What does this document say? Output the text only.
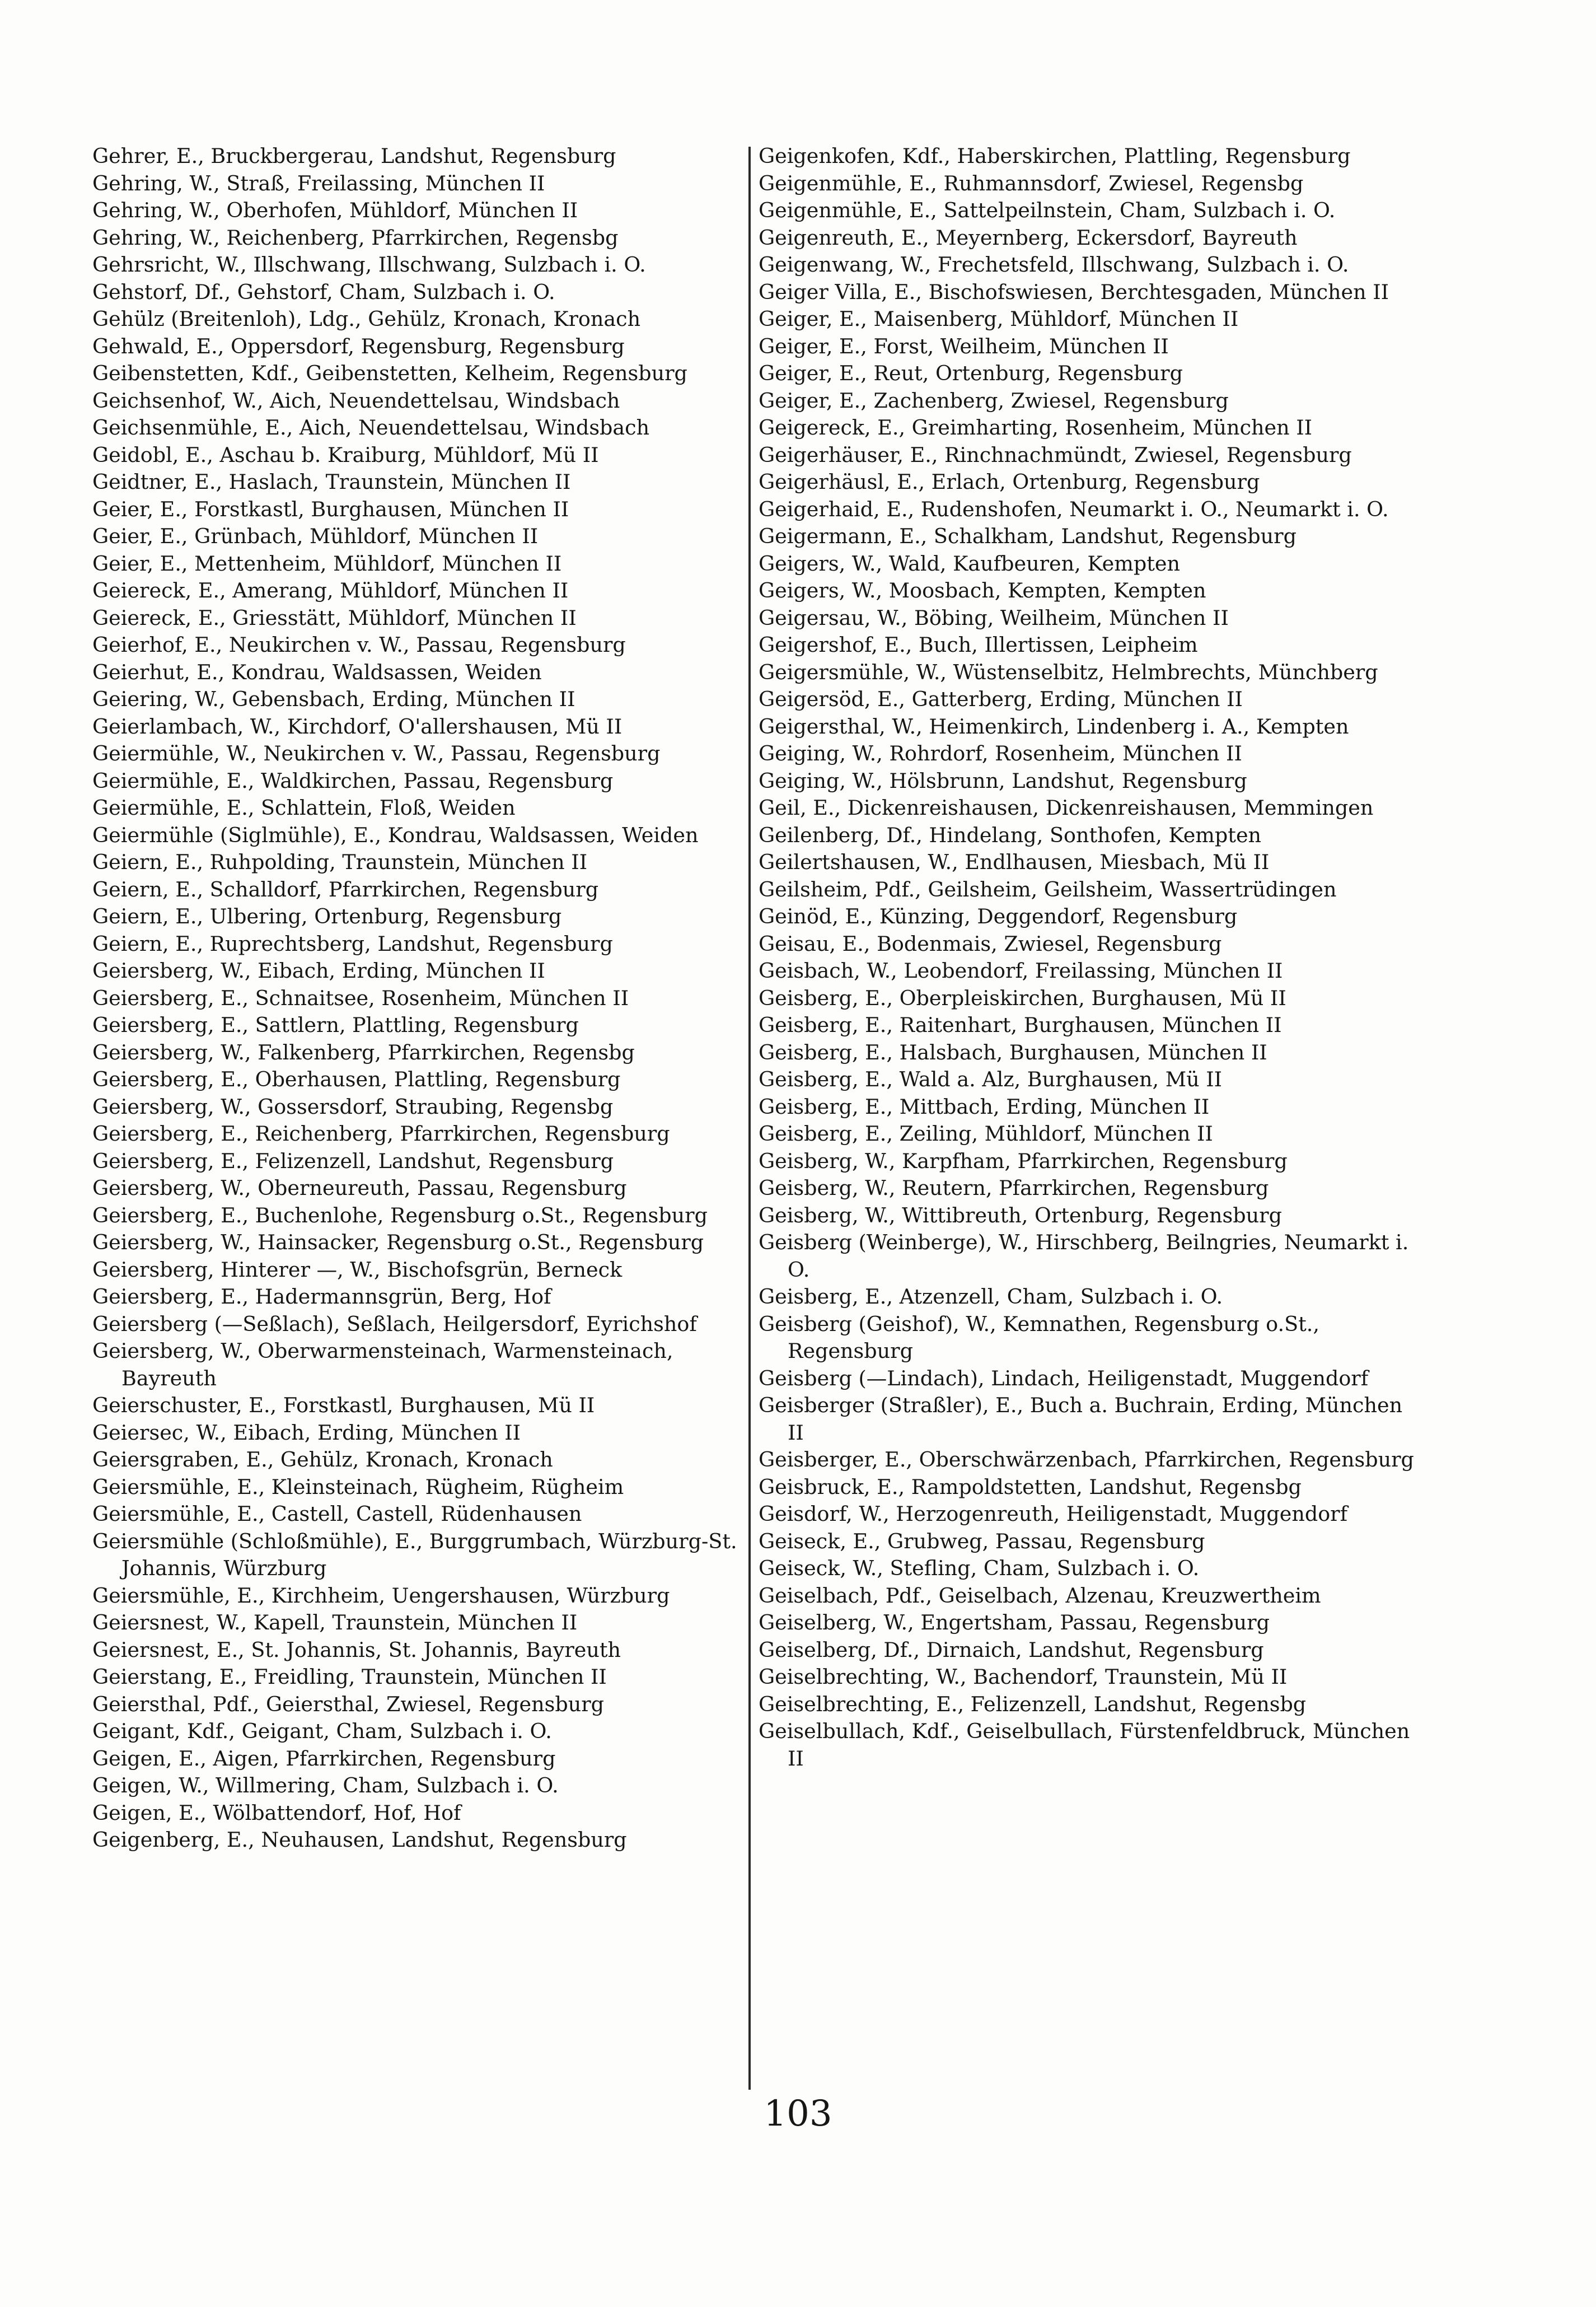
Gehrer, E., Bruckbergerau, Landshut, Regensburg

Gehring, W., Straß, Freilassing, München II

Gehring, W., Oberhofen, Mühldorf, München II

Gehring, W., Reichenberg, Pfarrkirchen, Regensbg

Gehrsricht, W., Illschwang, Illschwang, Sulzbach i. O.

Gehstorf, Df., Gehstorf, Cham, Sulzbach i. O.

Gehülz (Breitenloh), Ldg., Gehülz, Kronach, Kronach

Gehwald, E., Oppersdorf, Regensburg, Regensburg

Geibenstetten, Kdf., Geibenstetten, Kelheim, Regensburg

Geichsenhof, W., Aich, Neuendettelsau, Windsbach

Geichsenmühle, E., Aich, Neuendettelsau, Windsbach

Geidobl, E., Aschau b. Kraiburg, Mühldorf, Mü II

Geidtner, E., Haslach, Traunstein, München II

Geier, E., Forstkastl, Burghausen, München II

Geier, E., Grünbach, Mühldorf, München II

Geier, E., Mettenheim, Mühldorf, München II

Geiereck, E., Amerang, Mühldorf, München II

Geiereck, E., Griesstätt, Mühldorf, München II

Geierhof, E., Neukirchen v. W., Passau, Regensburg

Geierhut, E., Kondrau, Waldsassen, Weiden

Geiering, W., Gebensbach, Erding, München II

Geierlambach, W., Kirchdorf, O'allershausen, Mü II

Geiermühle, W., Neukirchen v. W., Passau, Regensburg

Geiermühle, E., Waldkirchen, Passau, Regensburg

Geiermühle, E., Schlattein, Floß, Weiden

Geiermühle (Siglmühle), E., Kondrau, Waldsassen, Weiden

Geiern, E., Ruhpolding, Traunstein, München II

Geiern, E., Schalldorf, Pfarrkirchen, Regensburg

Geiern, E., Ulbering, Ortenburg, Regensburg

Geiern, E., Ruprechtsberg, Landshut, Regensburg

Geiersberg, W., Eibach, Erding, München II

Geiersberg, E., Schnaitsee, Rosenheim, München II

Geiersberg, E., Sattlern, Plattling, Regensburg

Geiersberg, W., Falkenberg, Pfarrkirchen, Regensbg

Geiersberg, E., Oberhausen, Plattling, Regensburg

Geiersberg, W., Gossersdorf, Straubing, Regensbg

Geiersberg, E., Reichenberg, Pfarrkirchen, Regensburg

Geiersberg, E., Felizenzell, Landshut, Regensburg

Geiersberg, W., Oberneureuth, Passau, Regensburg

Geiersberg, E., Buchenlohe, Regensburg o.St., Regensburg

Geiersberg, W., Hainsacker, Regensburg o.St., Regensburg

Geiersberg, Hinterer —, W., Bischofsgrün, Berneck

Geiersberg, E., Hadermannsgrün, Berg, Hof

Geiersberg (—Seßlach), Seßlach, Heilgersdorf, Eyrichshof

Geiersberg, W., Oberwarmensteinach, Warmensteinach, Bayreuth

Geierschuster, E., Forstkastl, Burghausen, Mü II

Geiersec, W., Eibach, Erding, München II

Geiersgraben, E., Gehülz, Kronach, Kronach

Geiersmühle, E., Kleinsteinach, Rügheim, Rügheim

Geiersmühle, E., Castell, Castell, Rüdenhausen

Geiersmühle (Schloßmühle), E., Burggrumbach, Würzburg-St. Johannis, Würzburg

Geiersmühle, E., Kirchheim, Uengershausen, Würzburg

Geiersnest, W., Kapell, Traunstein, München II

Geiersnest, E., St. Johannis, St. Johannis, Bayreuth

Geierstang, E., Freidling, Traunstein, München II

Geiersthal, Pdf., Geiersthal, Zwiesel, Regensburg

Geigant, Kdf., Geigant, Cham, Sulzbach i. O.

Geigen, E., Aigen, Pfarrkirchen, Regensburg

Geigen, W., Willmering, Cham, Sulzbach i. O.

Geigen, E., Wölbattendorf, Hof, Hof

Geigenberg, E., Neuhausen, Landshut, Regensburg

Geigenkofen, Kdf., Haberskirchen, Plattling, Regensburg

Geigenmühle, E., Ruhmannsdorf, Zwiesel, Regensbg

Geigenmühle, E., Sattelpeilnstein, Cham, Sulzbach i. O.

Geigenreuth, E., Meyernberg, Eckersdorf, Bayreuth

Geigenwang, W., Frechetsfeld, Illschwang, Sulzbach i. O.

Geiger Villa, E., Bischofswiesen, Berchtesgaden, München II

Geiger, E., Maisenberg, Mühldorf, München II

Geiger, E., Forst, Weilheim, München II

Geiger, E., Reut, Ortenburg, Regensburg

Geiger, E., Zachenberg, Zwiesel, Regensburg

Geigereck, E., Greimharting, Rosenheim, München II

Geigerhäuser, E., Rinchnachmündt, Zwiesel, Regensburg

Geigerhäusl, E., Erlach, Ortenburg, Regensburg

Geigerhaid, E., Rudenshofen, Neumarkt i. O., Neumarkt i. O.

Geigermann, E., Schalkham, Landshut, Regensburg

Geigers, W., Wald, Kaufbeuren, Kempten

Geigers, W., Moosbach, Kempten, Kempten

Geigersau, W., Böbing, Weilheim, München II

Geigershof, E., Buch, Illertissen, Leipheim

Geigersmühle, W., Wüstenselbitz, Helmbrechts, Münchberg

Geigersöd, E., Gatterberg, Erding, München II

Geigersthal, W., Heimenkirch, Lindenberg i. A., Kempten

Geiging, W., Rohrdorf, Rosenheim, München II

Geiging, W., Hölsbrunn, Landshut, Regensburg

Geil, E., Dickenreishausen, Dickenreishausen, Memmingen

Geilenberg, Df., Hindelang, Sonthofen, Kempten

Geilertshausen, W., Endlhausen, Miesbach, Mü II

Geilsheim, Pdf., Geilsheim, Geilsheim, Wassertrüdingen

Geinöd, E., Künzing, Deggendorf, Regensburg

Geisau, E., Bodenmais, Zwiesel, Regensburg

Geisbach, W., Leobendorf, Freilassing, München II

Geisberg, E., Oberpleiskirchen, Burghausen, Mü II

Geisberg, E., Raitenhart, Burghausen, München II

Geisberg, E., Halsbach, Burghausen, München II

Geisberg, E., Wald a. Alz, Burghausen, Mü II

Geisberg, E., Mittbach, Erding, München II

Geisberg, E., Zeiling, Mühldorf, München II

Geisberg, W., Karpfham, Pfarrkirchen, Regensburg

Geisberg, W., Reutern, Pfarrkirchen, Regensburg

Geisberg, W., Wittibreuth, Ortenburg, Regensburg

Geisberg (Weinberge), W., Hirschberg, Beilngries, Neumarkt i. O.

Geisberg, E., Atzenzell, Cham, Sulzbach i. O.

Geisberg (Geishof), W., Kemnathen, Regensburg o.St., Regensburg

Geisberg (—Lindach), Lindach, Heiligenstadt, Muggendorf

Geisberger (Straßler), E., Buch a. Buchrain, Erding, München II

Geisberger, E., Oberschwärzenbach, Pfarrkirchen, Regensburg

Geisbruck, E., Rampoldstetten, Landshut, Regensbg

Geisdorf, W., Herzogenreuth, Heiligenstadt, Muggendorf

Geiseck, E., Grubweg, Passau, Regensburg

Geiseck, W., Stefling, Cham, Sulzbach i. O.

Geiselbach, Pdf., Geiselbach, Alzenau, Kreuzwertheim

Geiselberg, W., Engertsham, Passau, Regensburg

Geiselberg, Df., Dirnaich, Landshut, Regensburg

Geiselbrechting, W., Bachendorf, Traunstein, Mü II

Geiselbrechting, E., Felizenzell, Landshut, Regensbg

Geiselbullach, Kdf., Geiselbullach, Fürstenfeldbruck, München II

103
